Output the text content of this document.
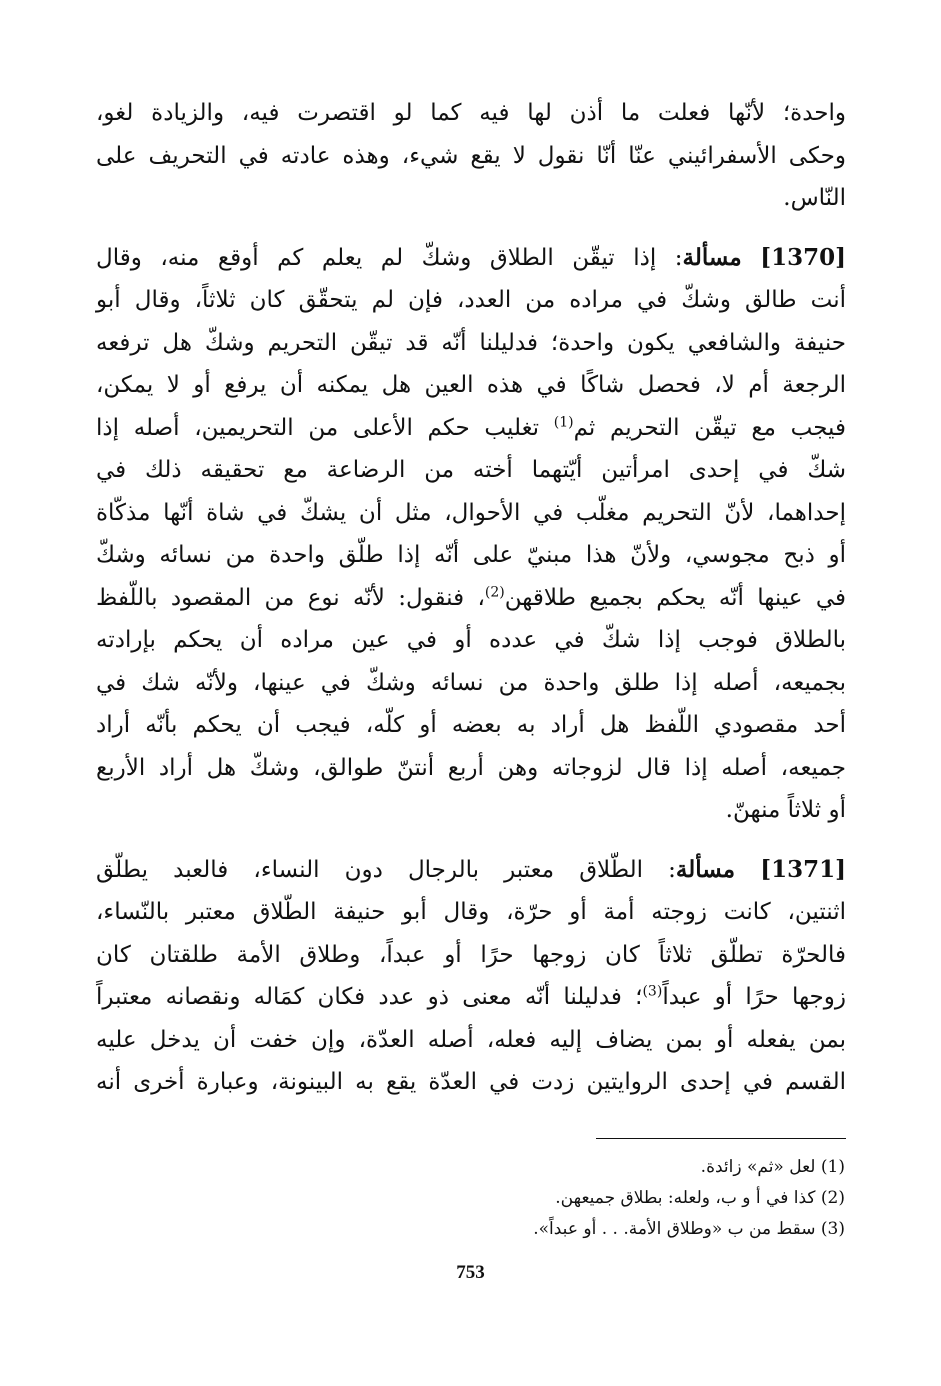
واحدة؛ لأنّها فعلت ما أذن لها فيه كما لو اقتصرت فيه، والزيادة لغو،
وحكى الأسفرائيني عنّا أنّا نقول لا يقع شيء، وهذه عادته في التحريف على
النّاس.
[1370] مسألة: إذا تيقّن الطلاق وشكّ لم يعلم كم أوقع منه، وقال
أنت طالق وشكّ في مراده من العدد، فإن لم يتحقّق كان ثلاثاً، وقال أبو
حنيفة والشافعي يكون واحدة؛ فدليلنا أنّه قد تيقّن التحريم وشكّ هل ترفعه
الرجعة أم لا، فحصل شاكًا في هذه العين هل يمكنه أن يرفع أو لا يمكن،
فيجب مع تيقّن التحريم ثم$^{(1)}$ تغليب حكم الأعلى من التحريمين، أصله إذا
شكّ في إحدى امرأتين أيّتهما أخته من الرضاعة مع تحقيقه ذلك في
إحداهما، لأنّ التحريم مغلّب في الأحوال، مثل أن يشكّ في شاة أنّها مذكّاة
أو ذبح مجوسي، ولأنّ هذا مبنيّ على أنّه إذا طلّق واحدة من نسائه وشكّ
في عينها أنّه يحكم بجميع طلاقهن$^{(2)}$، فنقول: لأنّه نوع من المقصود باللّفظ
بالطلاق فوجب إذا شكّ في عدده أو في عين مراده أن يحكم بإرادته
بجميعه، أصله إذا طلق واحدة من نسائه وشكّ في عينها، ولأنّه شك في
أحد مقصودي اللّفظ هل أراد به بعضه أو كلّه، فيجب أن يحكم بأنّه أراد
جميعه، أصله إذا قال لزوجاته وهن أربع أنتنّ طوالق، وشكّ هل أراد الأربع
أو ثلاثاً منهنّ.
[1371] مسألة: الطّلاق معتبر بالرجال دون النساء، فالعبد يطلّق
اثنتين، كانت زوجته أمة أو حرّة، وقال أبو حنيفة الطّلاق معتبر بالنّساء،
فالحرّة تطلّق ثلاثاً كان زوجها حرًا أو عبداً، وطلاق الأمة طلقتان كان
زوجها حرًا أو عبداً$^{(3)}$؛ فدليلنا أنّه معنى ذو عدد فكان كمَاله ونقصانه معتبراً
بمن يفعله أو بمن يضاف إليه فعله، أصله العدّة، وإن خفت أن يدخل عليه
القسم في إحدى الروايتين زدت في العدّة يقع به البينونة، وعبارة أخرى أنه
(1) لعل «ثم» زائدة.
(2) كذا في أ و ب، ولعله: بطلاق جميعهن.
(3) سقط من ب «وطلاق الأمة. . . أو عبداً».
753
